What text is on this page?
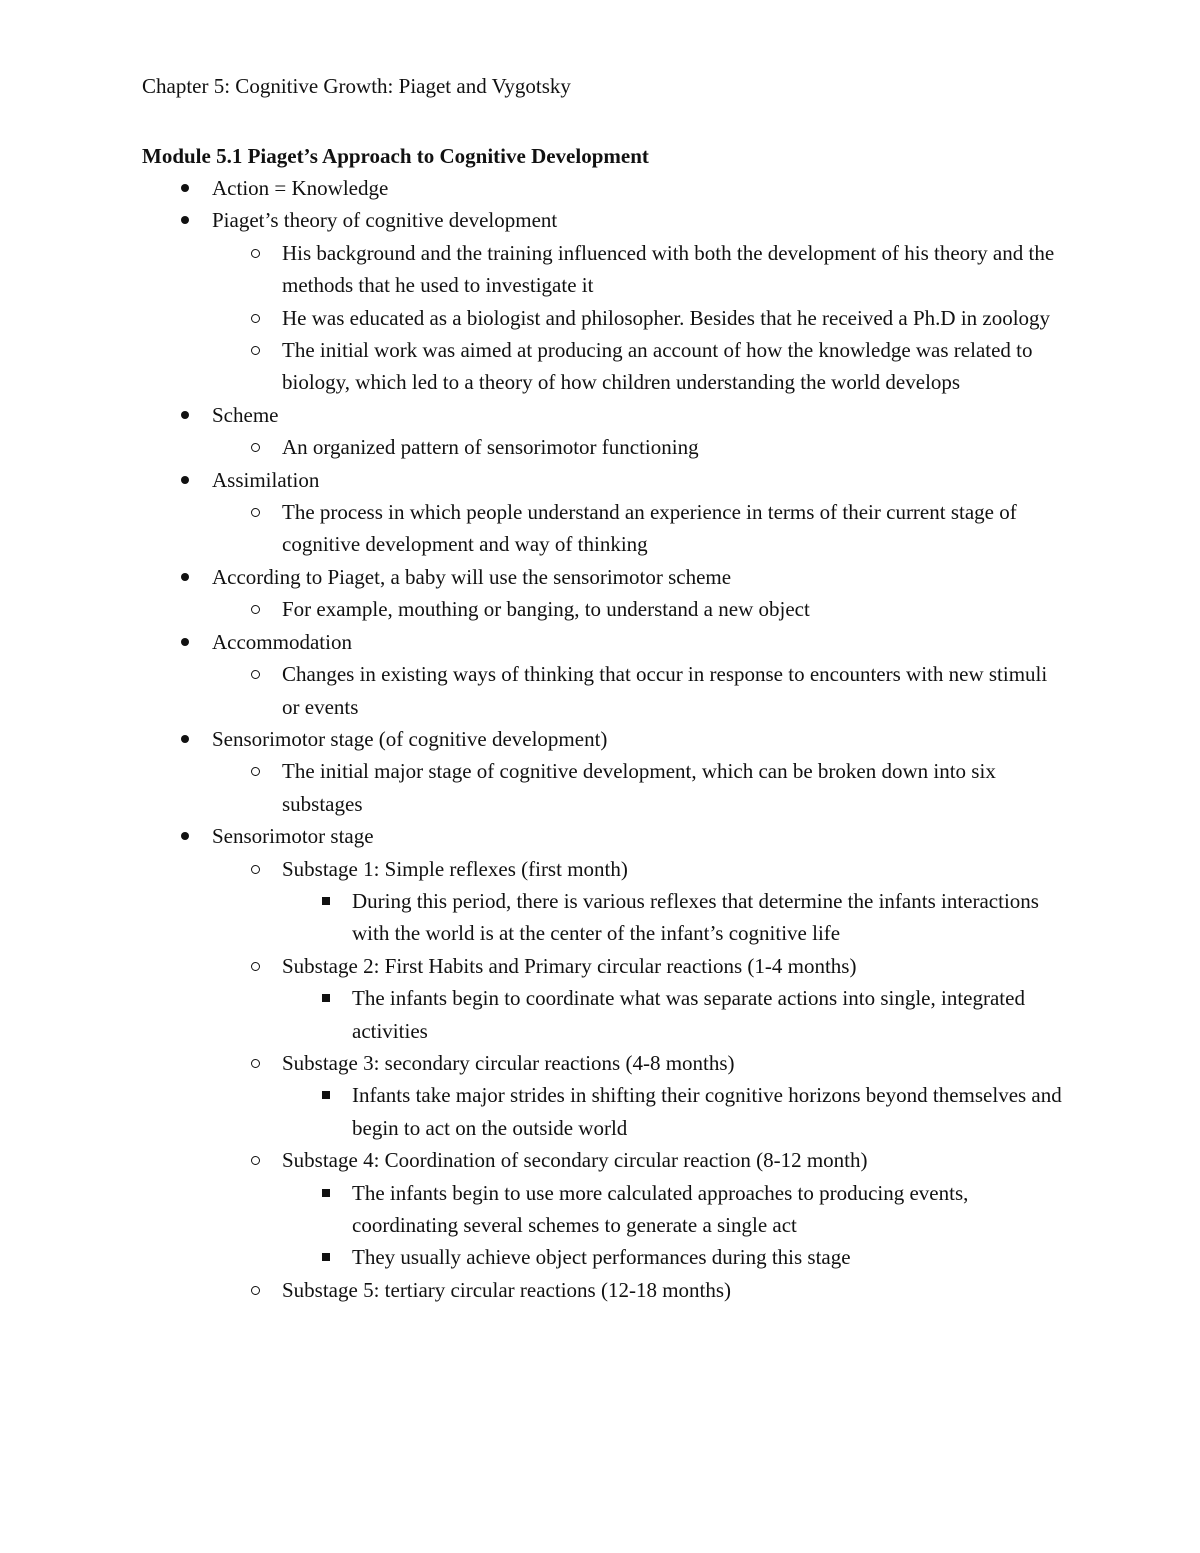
Chapter 5: Cognitive Growth: Piaget and Vygotsky
Module 5.1 Piaget’s Approach to Cognitive Development
Action = Knowledge
Piaget’s theory of cognitive development
His background and the training influenced with both the development of his theory and the methods that he used to investigate it
He was educated as a biologist and philosopher. Besides that he received a Ph.D in zoology
The initial work was aimed at producing an account of how the knowledge was related to biology, which led to a theory of how children understanding the world develops
Scheme
An organized pattern of sensorimotor functioning
Assimilation
The process in which people understand an experience in terms of their current stage of cognitive development and way of thinking
According to Piaget, a baby will use the sensorimotor scheme
For example, mouthing or banging, to understand a new object
Accommodation
Changes in existing ways of thinking that occur in response to encounters with new stimuli or events
Sensorimotor stage (of cognitive development)
The initial major stage of cognitive development, which can be broken down into six substages
Sensorimotor stage
Substage 1: Simple reflexes (first month)
During this period, there is various reflexes that determine the infants interactions with the world is at the center of the infant’s cognitive life
Substage 2: First Habits and Primary circular reactions (1-4 months)
The infants begin to coordinate what was separate actions into single, integrated activities
Substage 3: secondary circular reactions (4-8 months)
Infants take major strides in shifting their cognitive horizons beyond themselves and begin to act on the outside world
Substage 4: Coordination of secondary circular reaction (8-12 month)
The infants begin to use more calculated approaches to producing events, coordinating several schemes to generate a single act
They usually achieve object performances during this stage
Substage 5: tertiary circular reactions (12-18 months)
